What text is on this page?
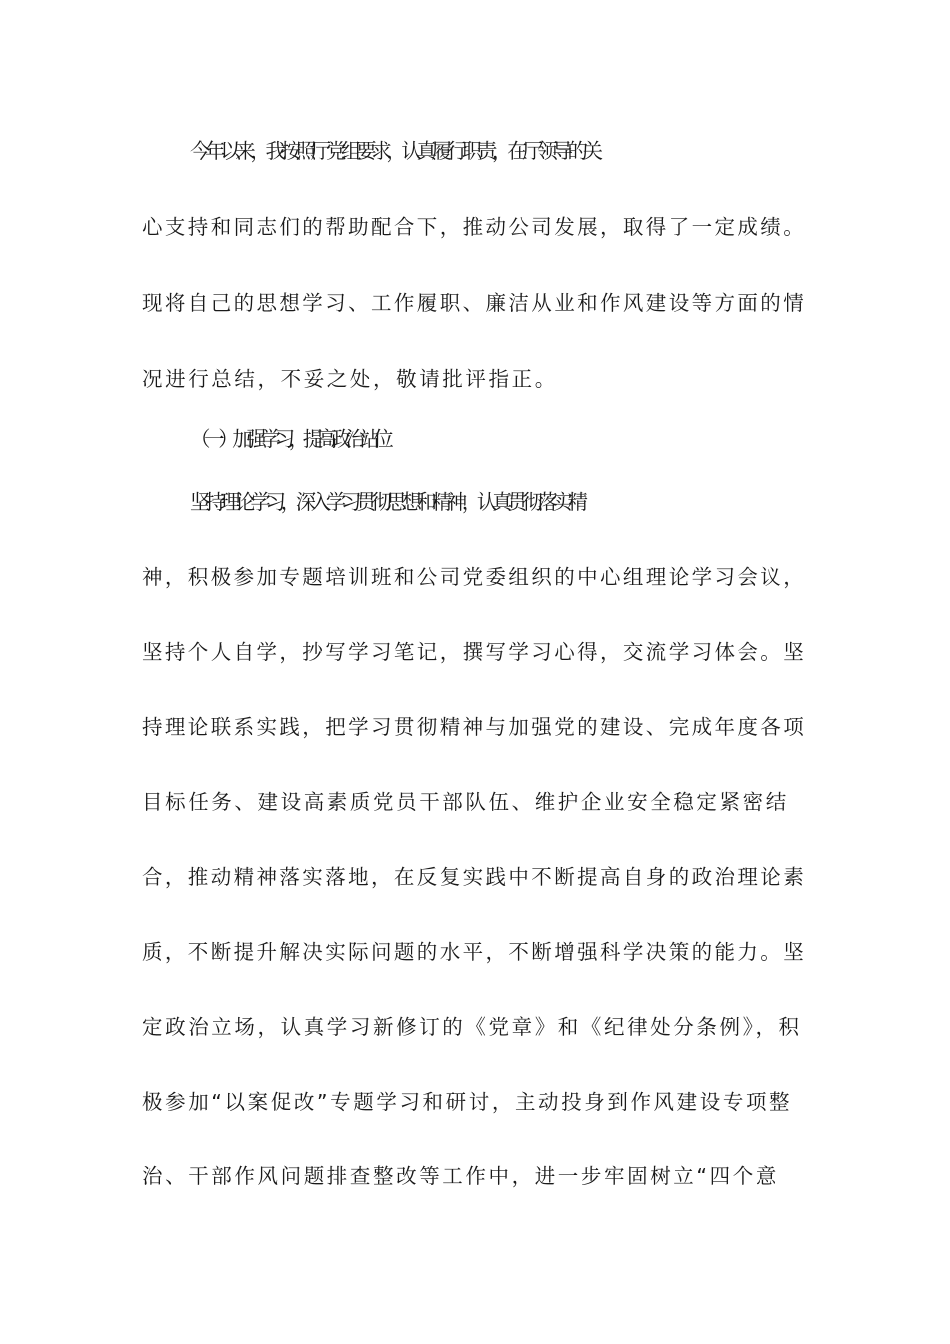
今年以来，我按照厅党组要求，认真履行职责，在厅领导的关
心支持和同志们的帮助配合下，推动公司发展，取得了一定成绩。
现将自己的思想学习、工作履职、廉洁从业和作风建设等方面的情
况进行总结，不妥之处，敬请批评指正。
（一）加强学习，提高政治站位
坚持理论学习，深入学习贯彻思想和精神，认真贯彻落实精
神，积极参加专题培训班和公司党委组织的中心组理论学习会议，
坚持个人自学，抄写学习笔记，撰写学习心得，交流学习体会。坚
持理论联系实践，把学习贯彻精神与加强党的建设、完成年度各项
目标任务、建设高素质党员干部队伍、维护企业安全稳定紧密结
合，推动精神落实落地，在反复实践中不断提高自身的政治理论素
质，不断提升解决实际问题的水平，不断增强科学决策的能力。坚
定政治立场，认真学习新修订的《党章》和《纪律处分条例》，积
极参加“以案促改”专题学习和研讨，主动投身到作风建设专项整
治、干部作风问题排查整改等工作中，进一步牢固树立“四个意
